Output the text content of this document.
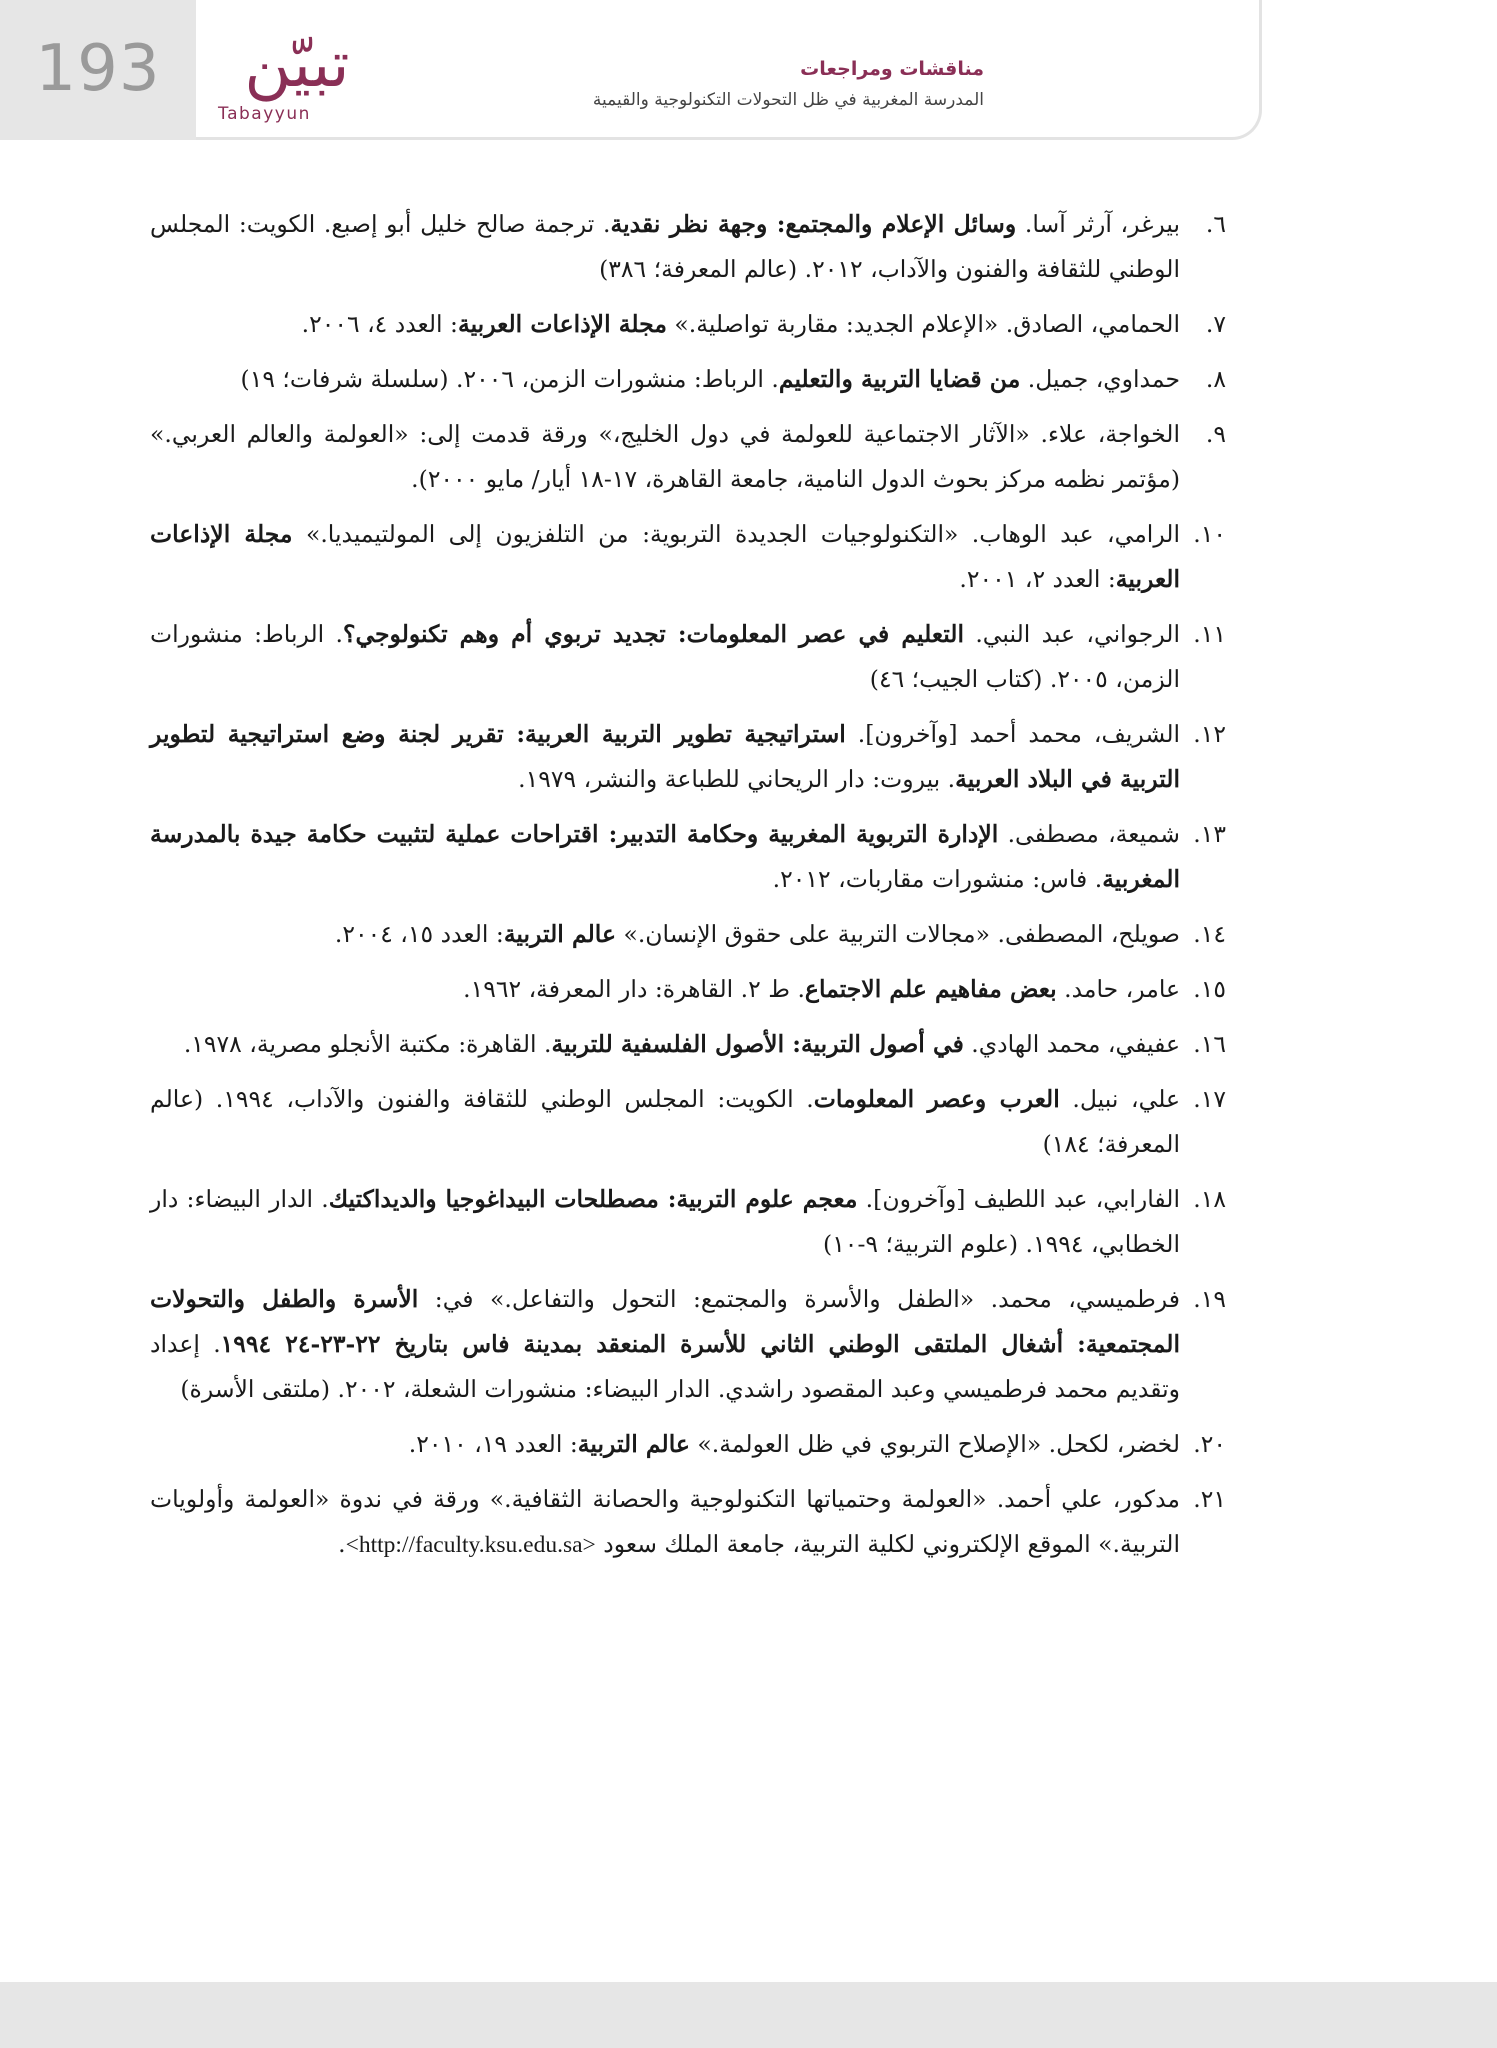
193	تبيّن
Tabayyun
مناقشات ومراجعات
المدرسة المغربية في ظل التحولات التكنولوجية والقيمية
٦.
بيرغر، آرثر آسا. وسائل الإعلام والمجتمع: وجهة نظر نقدية. ترجمة صالح خليل أبو إصبع. الكويت: المجلس الوطني للثقافة والفنون والآداب، ٢٠١٢. (عالم المعرفة؛ ٣٨٦)
٧.
الحمامي، الصادق. «الإعلام الجديد: مقاربة تواصلية.» مجلة الإذاعات العربية: العدد ٤، ٢٠٠٦.
٨.
حمداوي، جميل. من قضايا التربية والتعليم. الرباط: منشورات الزمن، ٢٠٠٦. (سلسلة شرفات؛ ١٩)
٩.
الخواجة، علاء. «الآثار الاجتماعية للعولمة في دول الخليج،» ورقة قدمت إلى: «العولمة والعالم العربي.» (مؤتمر نظمه مركز بحوث الدول النامية، جامعة القاهرة، ١٧-١٨ أيار/ مايو ٢٠٠٠).
١٠.
الرامي، عبد الوهاب. «التكنولوجيات الجديدة التربوية: من التلفزيون إلى المولتيميديا.» مجلة الإذاعات العربية: العدد ٢، ٢٠٠١.
١١.
الرجواني، عبد النبي. التعليم في عصر المعلومات: تجديد تربوي أم وهم تكنولوجي؟. الرباط: منشورات الزمن، ٢٠٠٥. (كتاب الجيب؛ ٤٦)
١٢.
الشريف، محمد أحمد [وآخرون]. استراتيجية تطوير التربية العربية: تقرير لجنة وضع استراتيجية لتطوير التربية في البلاد العربية. بيروت: دار الريحاني للطباعة والنشر، ١٩٧٩.
١٣.
شميعة، مصطفى. الإدارة التربوية المغربية وحكامة التدبير: اقتراحات عملية لتثبيت حكامة جيدة بالمدرسة المغربية. فاس: منشورات مقاربات، ٢٠١٢.
١٤.
صويلح، المصطفى. «مجالات التربية على حقوق الإنسان.» عالم التربية: العدد ١٥، ٢٠٠٤.
١٥.
عامر، حامد. بعض مفاهيم علم الاجتماع. ط ٢. القاهرة: دار المعرفة، ١٩٦٢.
١٦.
عفيفي، محمد الهادي. في أصول التربية: الأصول الفلسفية للتربية. القاهرة: مكتبة الأنجلو مصرية، ١٩٧٨.
١٧.
علي، نبيل. العرب وعصر المعلومات. الكويت: المجلس الوطني للثقافة والفنون والآداب، ١٩٩٤. (عالم المعرفة؛ ١٨٤)
١٨.
الفارابي، عبد اللطيف [وآخرون]. معجم علوم التربية: مصطلحات البيداغوجيا والديداكتيك. الدار البيضاء: دار الخطابي، ١٩٩٤. (علوم التربية؛ ٩-١٠)
١٩.
فرطميسي، محمد. «الطفل والأسرة والمجتمع: التحول والتفاعل.» في: الأسرة والطفل والتحولات المجتمعية: أشغال الملتقى الوطني الثاني للأسرة المنعقد بمدينة فاس بتاريخ ٢٢-٢٣-٢٤ ١٩٩٤. إعداد وتقديم محمد فرطميسي وعبد المقصود راشدي. الدار البيضاء: منشورات الشعلة، ٢٠٠٢. (ملتقى الأسرة)
٢٠.
لخضر، لكحل. «الإصلاح التربوي في ظل العولمة.» عالم التربية: العدد ١٩، ٢٠١٠.
٢١.
مدكور، علي أحمد. «العولمة وحتمياتها التكنولوجية والحصانة الثقافية.» ورقة في ندوة «العولمة وأولويات التربية.» الموقع الإلكتروني لكلية التربية، جامعة الملك سعود <http://faculty.ksu.edu.sa>.
